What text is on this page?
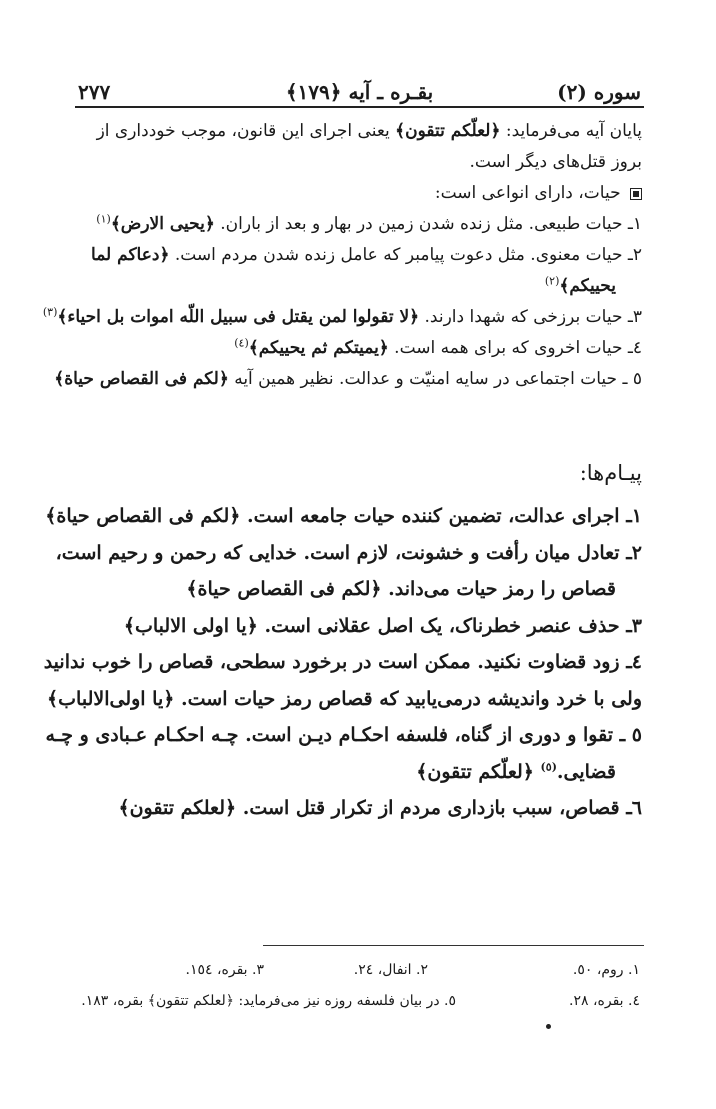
سوره (٢)
بقـره ـ آيه ﴿١٧٩﴾
٢٧٧
پایان آیه می‌فرماید: ﴿لعلّکم تتقون﴾ یعنی اجرای این قانون، موجب خودداری از
بروز قتل‌های دیگر است.
حیات، دارای انواعی است:
١ـ حیات طبیعی. مثل زنده شدن زمین در بهار و بعد از باران. ﴿یحیی الارض﴾$^{(١)}$
٢ـ حیات معنوی. مثل دعوت پیامبر که عامل زنده شدن مردم است. ﴿دعاکم لما
یحییکم﴾$^{(٢)}$
٣ـ حیات برزخی که شهدا دارند. ﴿لا تقولوا لمن یقتل فی سبیل اللّه اموات بل احیاء﴾$^{(٣)}$
٤ـ حیات اخروی که برای همه است. ﴿یمیتکم ثم یحییکم﴾$^{(٤)}$
٥ ـ حیات اجتماعی در سایه امنیّت و عدالت. نظیر همین آیه ﴿لکم فی القصاص حیاة﴾
پیـام‌ها:
١ـ اجرای عدالت، تضمین کننده حیات جامعه است. ﴿لکم فی القصاص حیاة﴾
٢ـ تعادل میان رأفت و خشونت، لازم است. خدایی که رحمن و رحیم است،
قصاص را رمز حیات می‌داند. ﴿لکم فی القصاص حیاة﴾
٣ـ حذف عنصر خطرناک، یک اصل عقلانی است. ﴿یا اولی الالباب﴾
٤ـ زود قضاوت نکنید. ممکن است در برخورد سطحی، قصاص را خوب ندانید
ولی با خرد واندیشه درمی‌یابید که قصاص رمز حیات است. ﴿یا اولی‌الالباب﴾
٥ ـ تقوا و دوری از گناه، فلسفه احکـام دیـن است. چـه احکـام عـبادی و چـه
قضایی.$^{(٥)}$ ﴿لعلّکم تتقون﴾
٦ـ قصاص، سبب بازداری مردم از تکرار قتل است. ﴿لعلکم تتقون﴾
١. روم، ٥٠.
٢. انفال، ٢٤.
٣. بقره، ١٥٤.
٤. بقره، ٢٨.
٥. در بیان فلسفه روزه نیز می‌فرماید: ﴿لعلکم تتقون﴾ بقره، ١٨٣.
